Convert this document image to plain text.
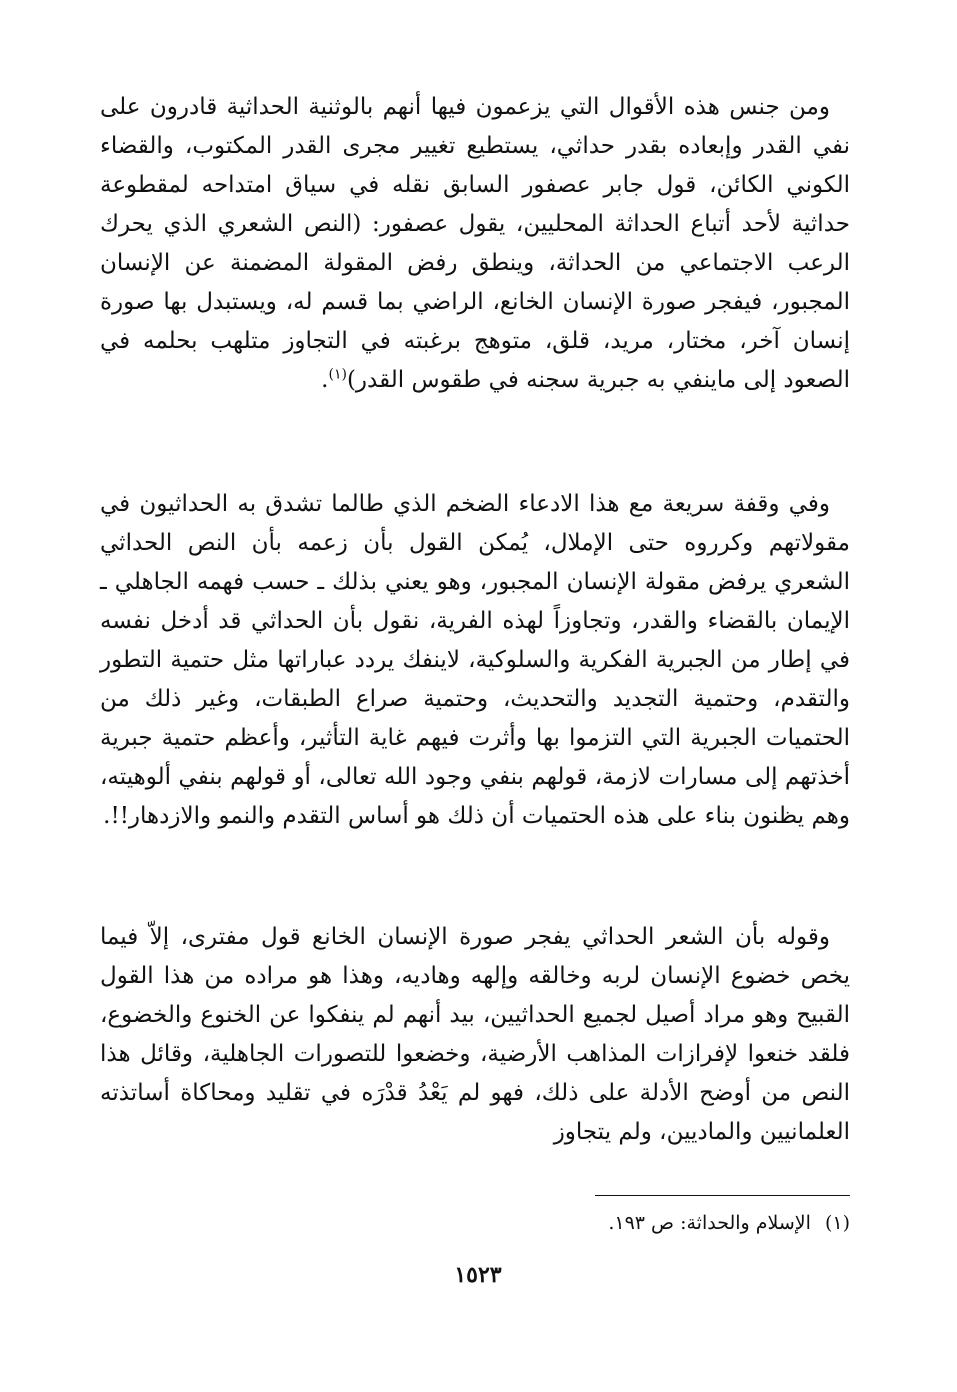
ومن جنس هذه الأقوال التي يزعمون فيها أنهم بالوثنية الحداثية قادرون على نفي القدر وإبعاده بقدر حداثي، يستطيع تغيير مجرى القدر المكتوب، والقضاء الكوني الكائن، قول جابر عصفور السابق نقله في سياق امتداحه لمقطوعة حداثية لأحد أتباع الحداثة المحليين، يقول عصفور: (النص الشعري الذي يحرك الرعب الاجتماعي من الحداثة، وينطق رفض المقولة المضمنة عن الإنسان المجبور، فيفجر صورة الإنسان الخانع، الراضي بما قسم له، ويستبدل بها صورة إنسان آخر، مختار، مريد، قلق، متوهج برغبته في التجاوز متلهب بحلمه في الصعود إلى ماينفي به جبرية سجنه في طقوس القدر)$^{(١)}$.

وفي وقفة سريعة مع هذا الادعاء الضخم الذي طالما تشدق به الحداثيون في مقولاتهم وكرروه حتى الإملال، يُمكن القول بأن زعمه بأن النص الحداثي الشعري يرفض مقولة الإنسان المجبور، وهو يعني بذلك ـ حسب فهمه الجاهلي ـ الإيمان بالقضاء والقدر، وتجاوزاً لهذه الفرية، نقول بأن الحداثي قد أدخل نفسه في إطار من الجبرية الفكرية والسلوكية، لاينفك يردد عباراتها مثل حتمية التطور والتقدم، وحتمية التجديد والتحديث، وحتمية صراع الطبقات، وغير ذلك من الحتميات الجبرية التي التزموا بها وأثرت فيهم غاية التأثير، وأعظم حتمية جبرية أخذتهم إلى مسارات لازمة، قولهم بنفي وجود الله تعالى، أو قولهم بنفي ألوهيته، وهم يظنون بناء على هذه الحتميات أن ذلك هو أساس التقدم والنمو والازدهار!!.

وقوله بأن الشعر الحداثي يفجر صورة الإنسان الخانع قول مفترى، إلاّ فيما يخص خضوع الإنسان لربه وخالقه وإلهه وهاديه، وهذا هو مراده من هذا القول القبيح وهو مراد أصيل لجميع الحداثيين، بيد أنهم لم ينفكوا عن الخنوع والخضوع، فلقد خنعوا لإفرازات المذاهب الأرضية، وخضعوا للتصورات الجاهلية، وقائل هذا النص من أوضح الأدلة على ذلك، فهو لم يَعْدُ قدْرَه في تقليد ومحاكاة أساتذته العلمانيين والماديين، ولم يتجاوز

(١) الإسلام والحداثة: ص ١٩٣.
١٥٢٣
